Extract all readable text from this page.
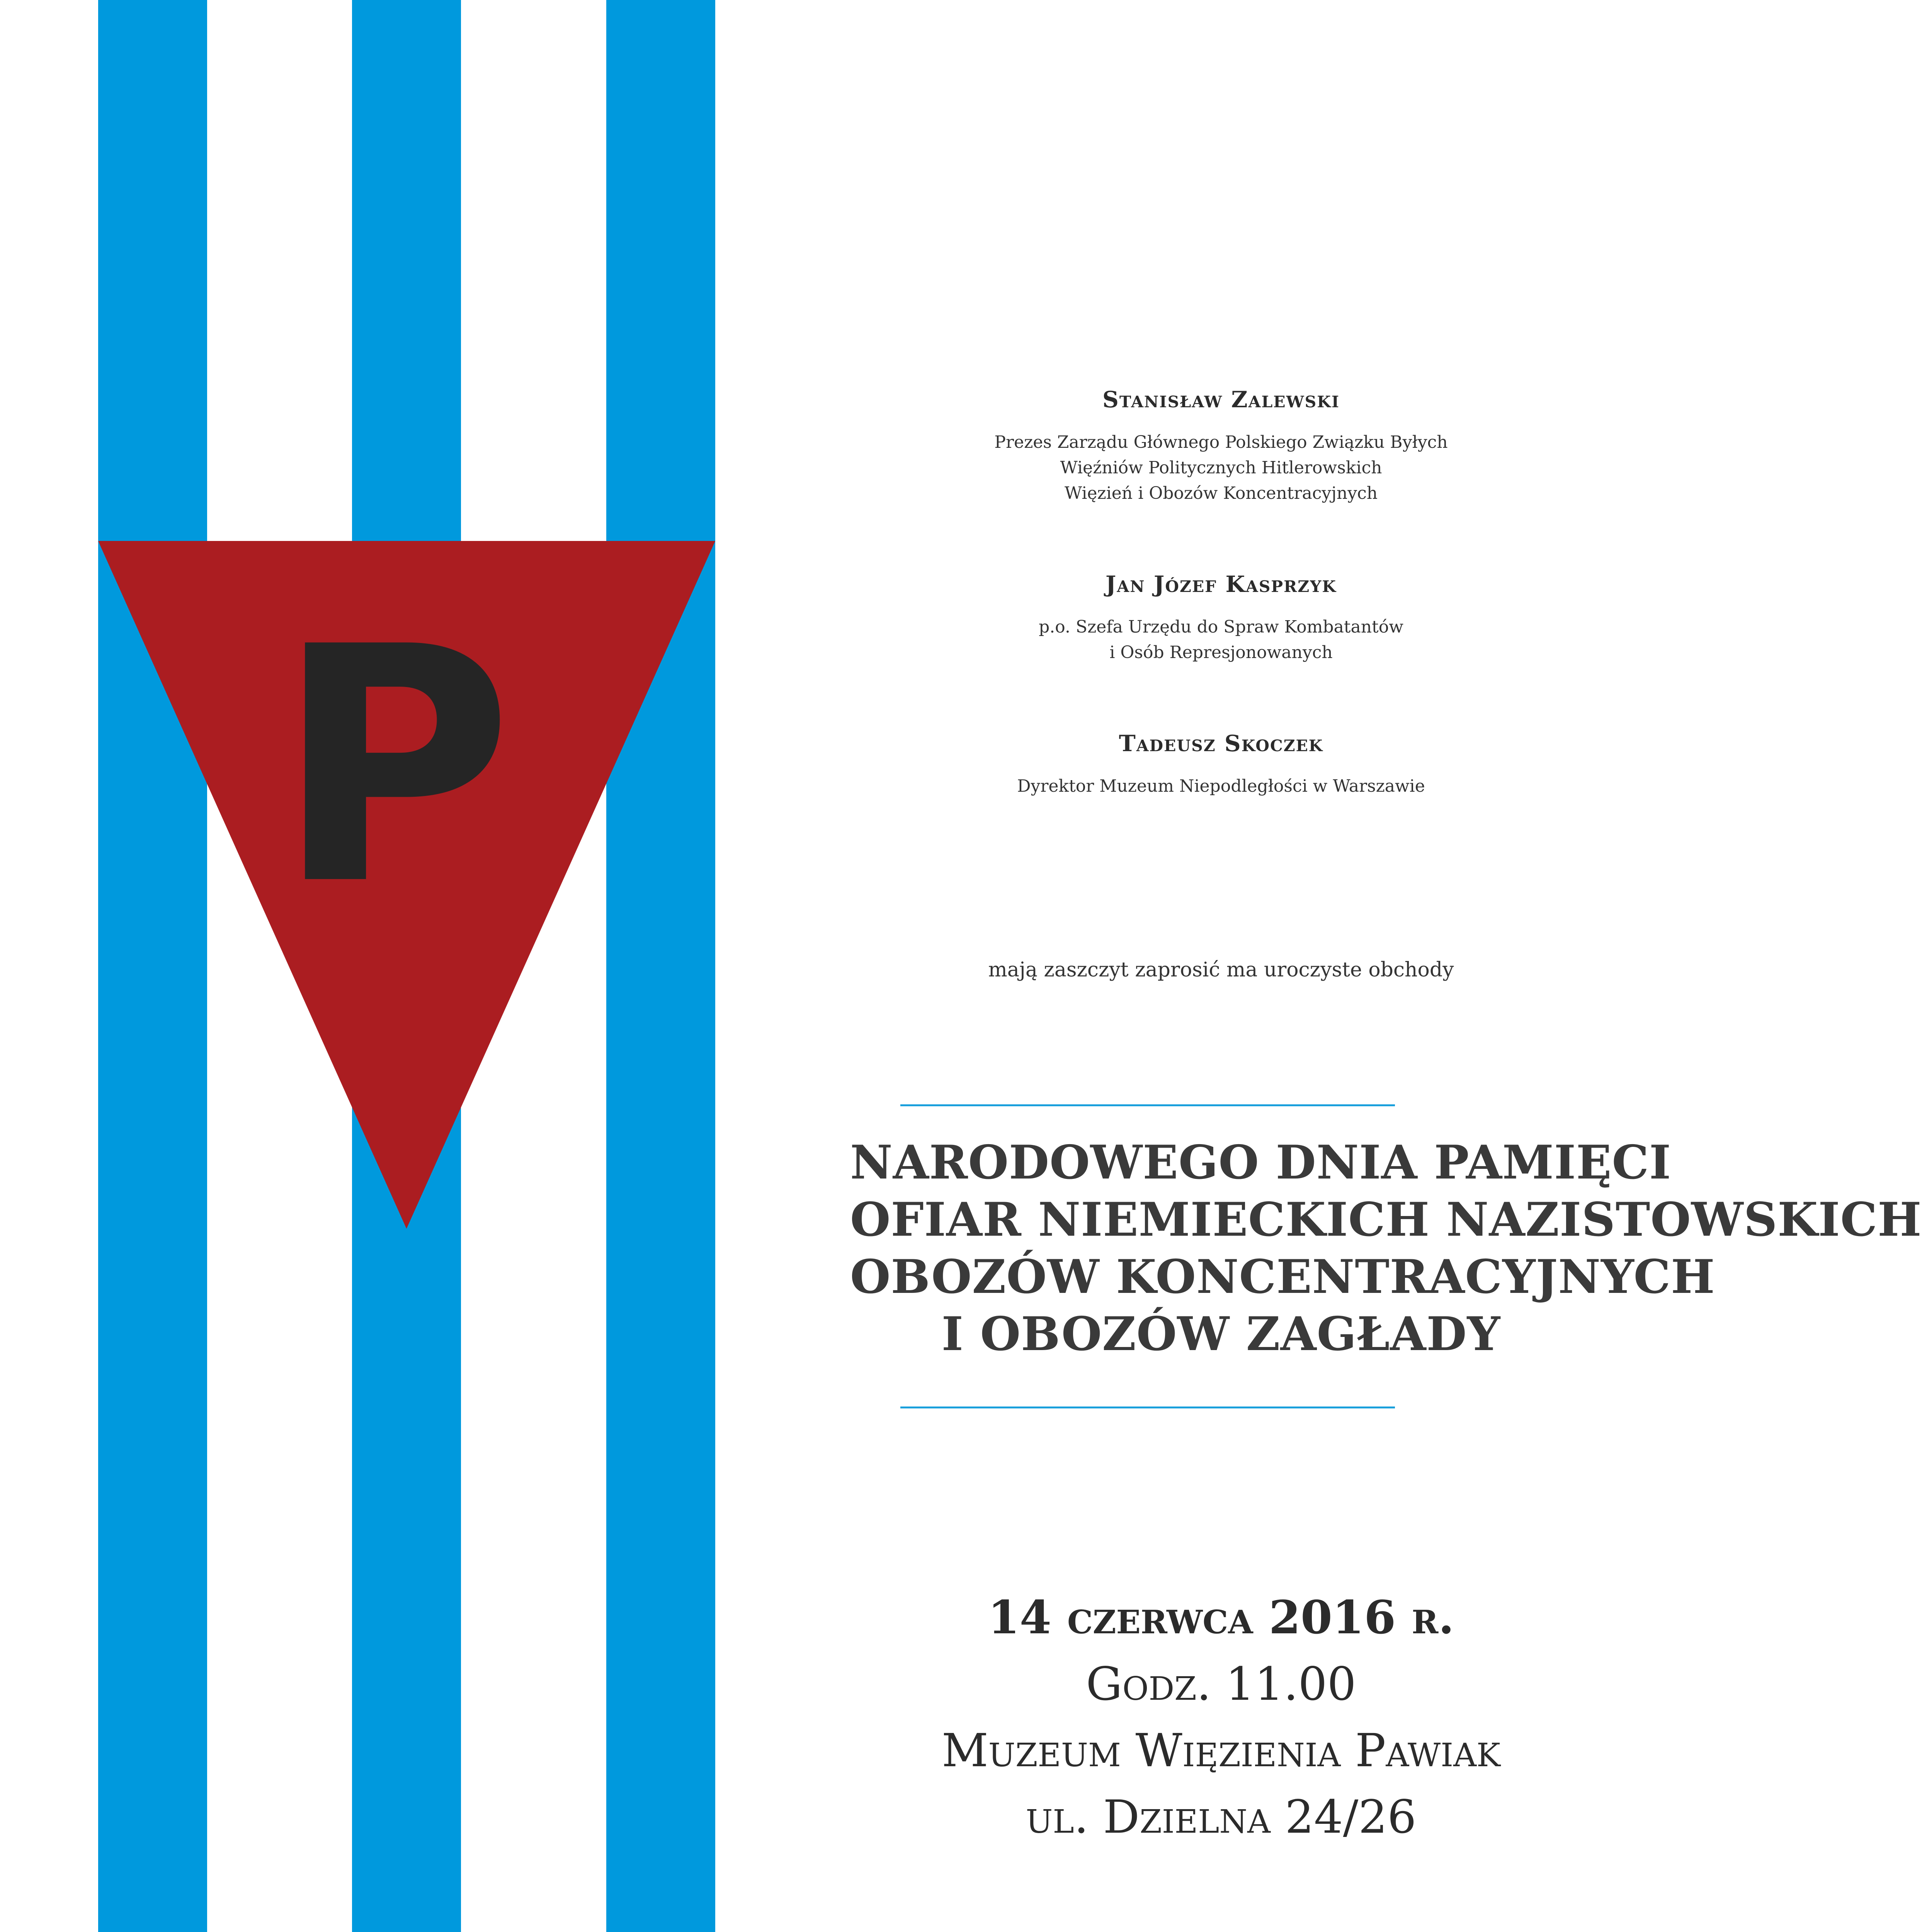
P
Stanisław Zalewski
Prezes Zarządu Głównego Polskiego Związku Byłych
Więźniów Politycznych Hitlerowskich
Więzień i Obozów Koncentracyjnych
Jan Józef Kasprzyk
p.o. Szefa Urzędu do Spraw Kombatantów
i Osób Represjonowanych
Tadeusz Skoczek
Dyrektor Muzeum Niepodległości w Warszawie
mają zaszczyt zaprosić ma uroczyste obchody
NARODOWEGO DNIA PAMIĘCI
OFIAR NIEMIECKICH NAZISTOWSKICH
OBOZÓW KONCENTRACYJNYCH
I OBOZÓW ZAGŁADY
14 czerwca 2016 r.
Godz. 11.00
Muzeum Więzienia Pawiak
ul. Dzielna 24/26
